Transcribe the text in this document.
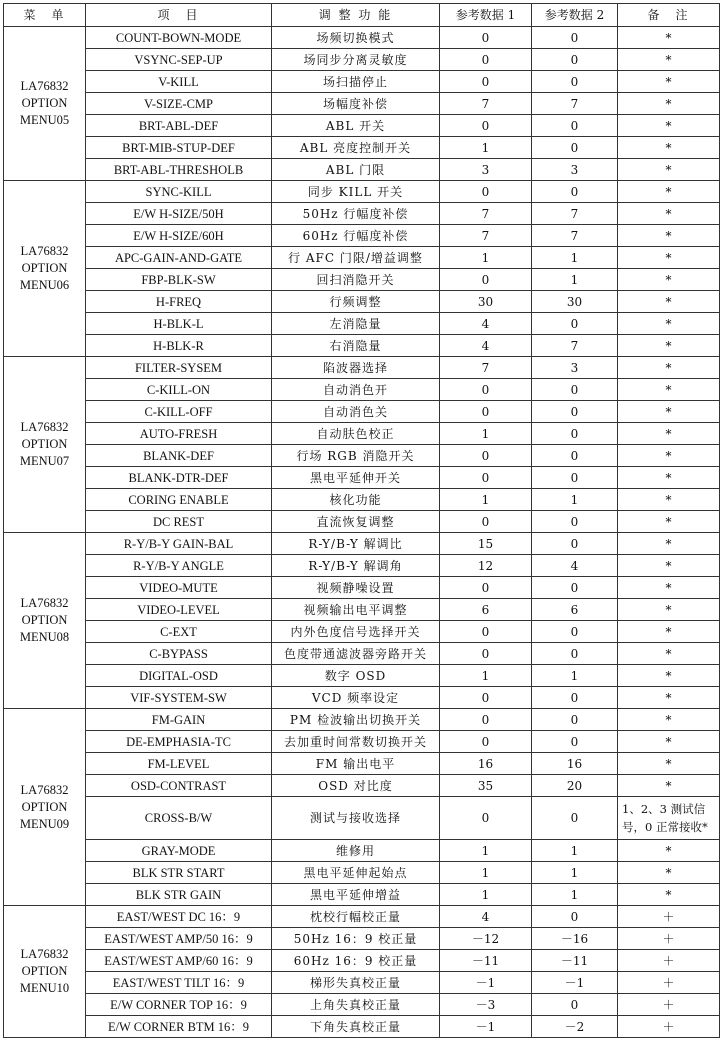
菜　单	项　目	调 整 功 能	参考数据 1	参考数据 2	备　注
LA76832 OPTION MENU05	COUNT-BOWN-MODE	场频切换模式	0	0	*
	VSYNC-SEP-UP	场同步分离灵敏度	0	0	*
	V-KILL	场扫描停止	0	0	*
	V-SIZE-CMP	场幅度补偿	7	7	*
	BRT-ABL-DEF	ABL 开关	0	0	*
	BRT-MIB-STUP-DEF	ABL 亮度控制开关	1	0	*
	BRT-ABL-THRESHOLB	ABL 门限	3	3	*
LA76832 OPTION MENU06	SYNC-KILL	同步 KILL 开关	0	0	*
	E/W H-SIZE/50H	50Hz 行幅度补偿	7	7	*
	E/W H-SIZE/60H	60Hz 行幅度补偿	7	7	*
	APC-GAIN-AND-GATE	行 AFC 门限/增益调整	1	1	*
	FBP-BLK-SW	回扫消隐开关	0	1	*
	H-FREQ	行频调整	30	30	*
	H-BLK-L	左消隐量	4	0	*
	H-BLK-R	右消隐量	4	7	*
LA76832 OPTION MENU07	FILTER-SYSEM	陷波器选择	7	3	*
	C-KILL-ON	自动消色开	0	0	*
	C-KILL-OFF	自动消色关	0	0	*
	AUTO-FRESH	自动肤色校正	1	0	*
	BLANK-DEF	行场 RGB 消隐开关	0	0	*
	BLANK-DTR-DEF	黑电平延伸开关	0	0	*
	CORING ENABLE	核化功能	1	1	*
	DC REST	直流恢复调整	0	0	*
LA76832 OPTION MENU08	R-Y/B-Y GAIN-BAL	R-Y/B-Y 解调比	15	0	*
	R-Y/B-Y ANGLE	R-Y/B-Y 解调角	12	4	*
	VIDEO-MUTE	视频静噪设置	0	0	*
	VIDEO-LEVEL	视频输出电平调整	6	6	*
	C-EXT	内外色度信号选择开关	0	0	*
	C-BYPASS	色度带通滤波器旁路开关	0	0	*
	DIGITAL-OSD	数字 OSD	1	1	*
	VIF-SYSTEM-SW	VCD 频率设定	0	0	*
LA76832 OPTION MENU09	FM-GAIN	PM 检波输出切换开关	0	0	*
	DE-EMPHASIA-TC	去加重时间常数切换开关	0	0	*
	FM-LEVEL	FM 输出电平	16	16	*
	OSD-CONTRAST	OSD 对比度	35	20	*
	CROSS-B/W	测试与接收选择	0	0	1、2、3 测试信号，0 正常接收*
	GRAY-MODE	维修用	1	1	*
	BLK STR START	黑电平延伸起始点	1	1	*
	BLK STR GAIN	黑电平延伸增益	1	1	*
LA76832 OPTION MENU10	EAST/WEST DC 16：9	枕校行幅校正量	4	0	＋
	EAST/WEST AMP/50 16：9	50Hz 16：9 校正量	－12	－16	＋
	EAST/WEST AMP/60 16：9	60Hz 16：9 校正量	－11	－11	＋
	EAST/WEST TILT 16：9	梯形失真校正量	－1	－1	＋
	E/W CORNER TOP 16：9	上角失真校正量	－3	0	＋
	E/W CORNER BTM 16：9	下角失真校正量	－1	－2	＋
